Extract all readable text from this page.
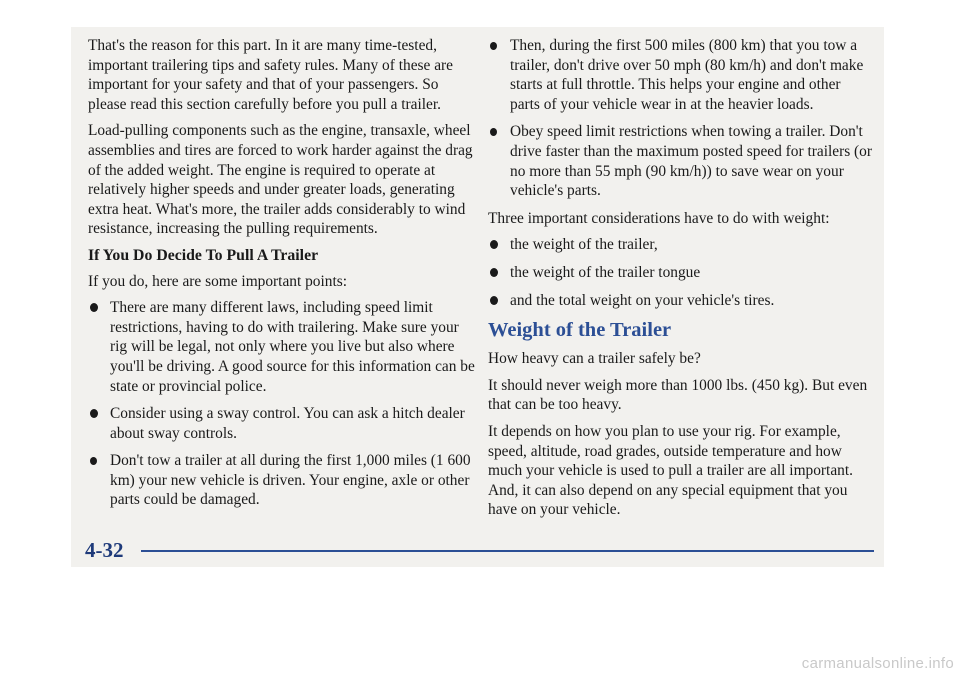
That's the reason for this part. In it are many time-tested, important trailering tips and safety rules. Many of these are important for your safety and that of your passengers. So please read this section carefully before you pull a trailer.

Load-pulling components such as the engine, transaxle, wheel assemblies and tires are forced to work harder against the drag of the added weight. The engine is required to operate at relatively higher speeds and under greater loads, generating extra heat. What's more, the trailer adds considerably to wind resistance, increasing the pulling requirements.

If You Do Decide To Pull A Trailer

If you do, here are some important points:

There are many different laws, including speed limit restrictions, having to do with trailering. Make sure your rig will be legal, not only where you live but also where you'll be driving. A good source for this information can be state or provincial police.
Consider using a sway control. You can ask a hitch dealer about sway controls.
Don't tow a trailer at all during the first 1,000 miles (1 600 km) your new vehicle is driven. Your engine, axle or other parts could be damaged.
Then, during the first 500 miles (800 km) that you tow a trailer, don't drive over 50 mph (80 km/h) and don't make starts at full throttle. This helps your engine and other parts of your vehicle wear in at the heavier loads.
Obey speed limit restrictions when towing a trailer. Don't drive faster than the maximum posted speed for trailers (or no more than 55 mph (90 km/h)) to save wear on your vehicle's parts.

Three important considerations have to do with weight:

the weight of the trailer,
the weight of the trailer tongue
and the total weight on your vehicle's tires.
Weight of the Trailer

How heavy can a trailer safely be?

It should never weigh more than 1000 lbs. (450 kg). But even that can be too heavy.

It depends on how you plan to use your rig. For example, speed, altitude, road grades, outside temperature and how much your vehicle is used to pull a trailer are all important. And, it can also depend on any special equipment that you have on your vehicle.

4-32
carmanualsonline.info
